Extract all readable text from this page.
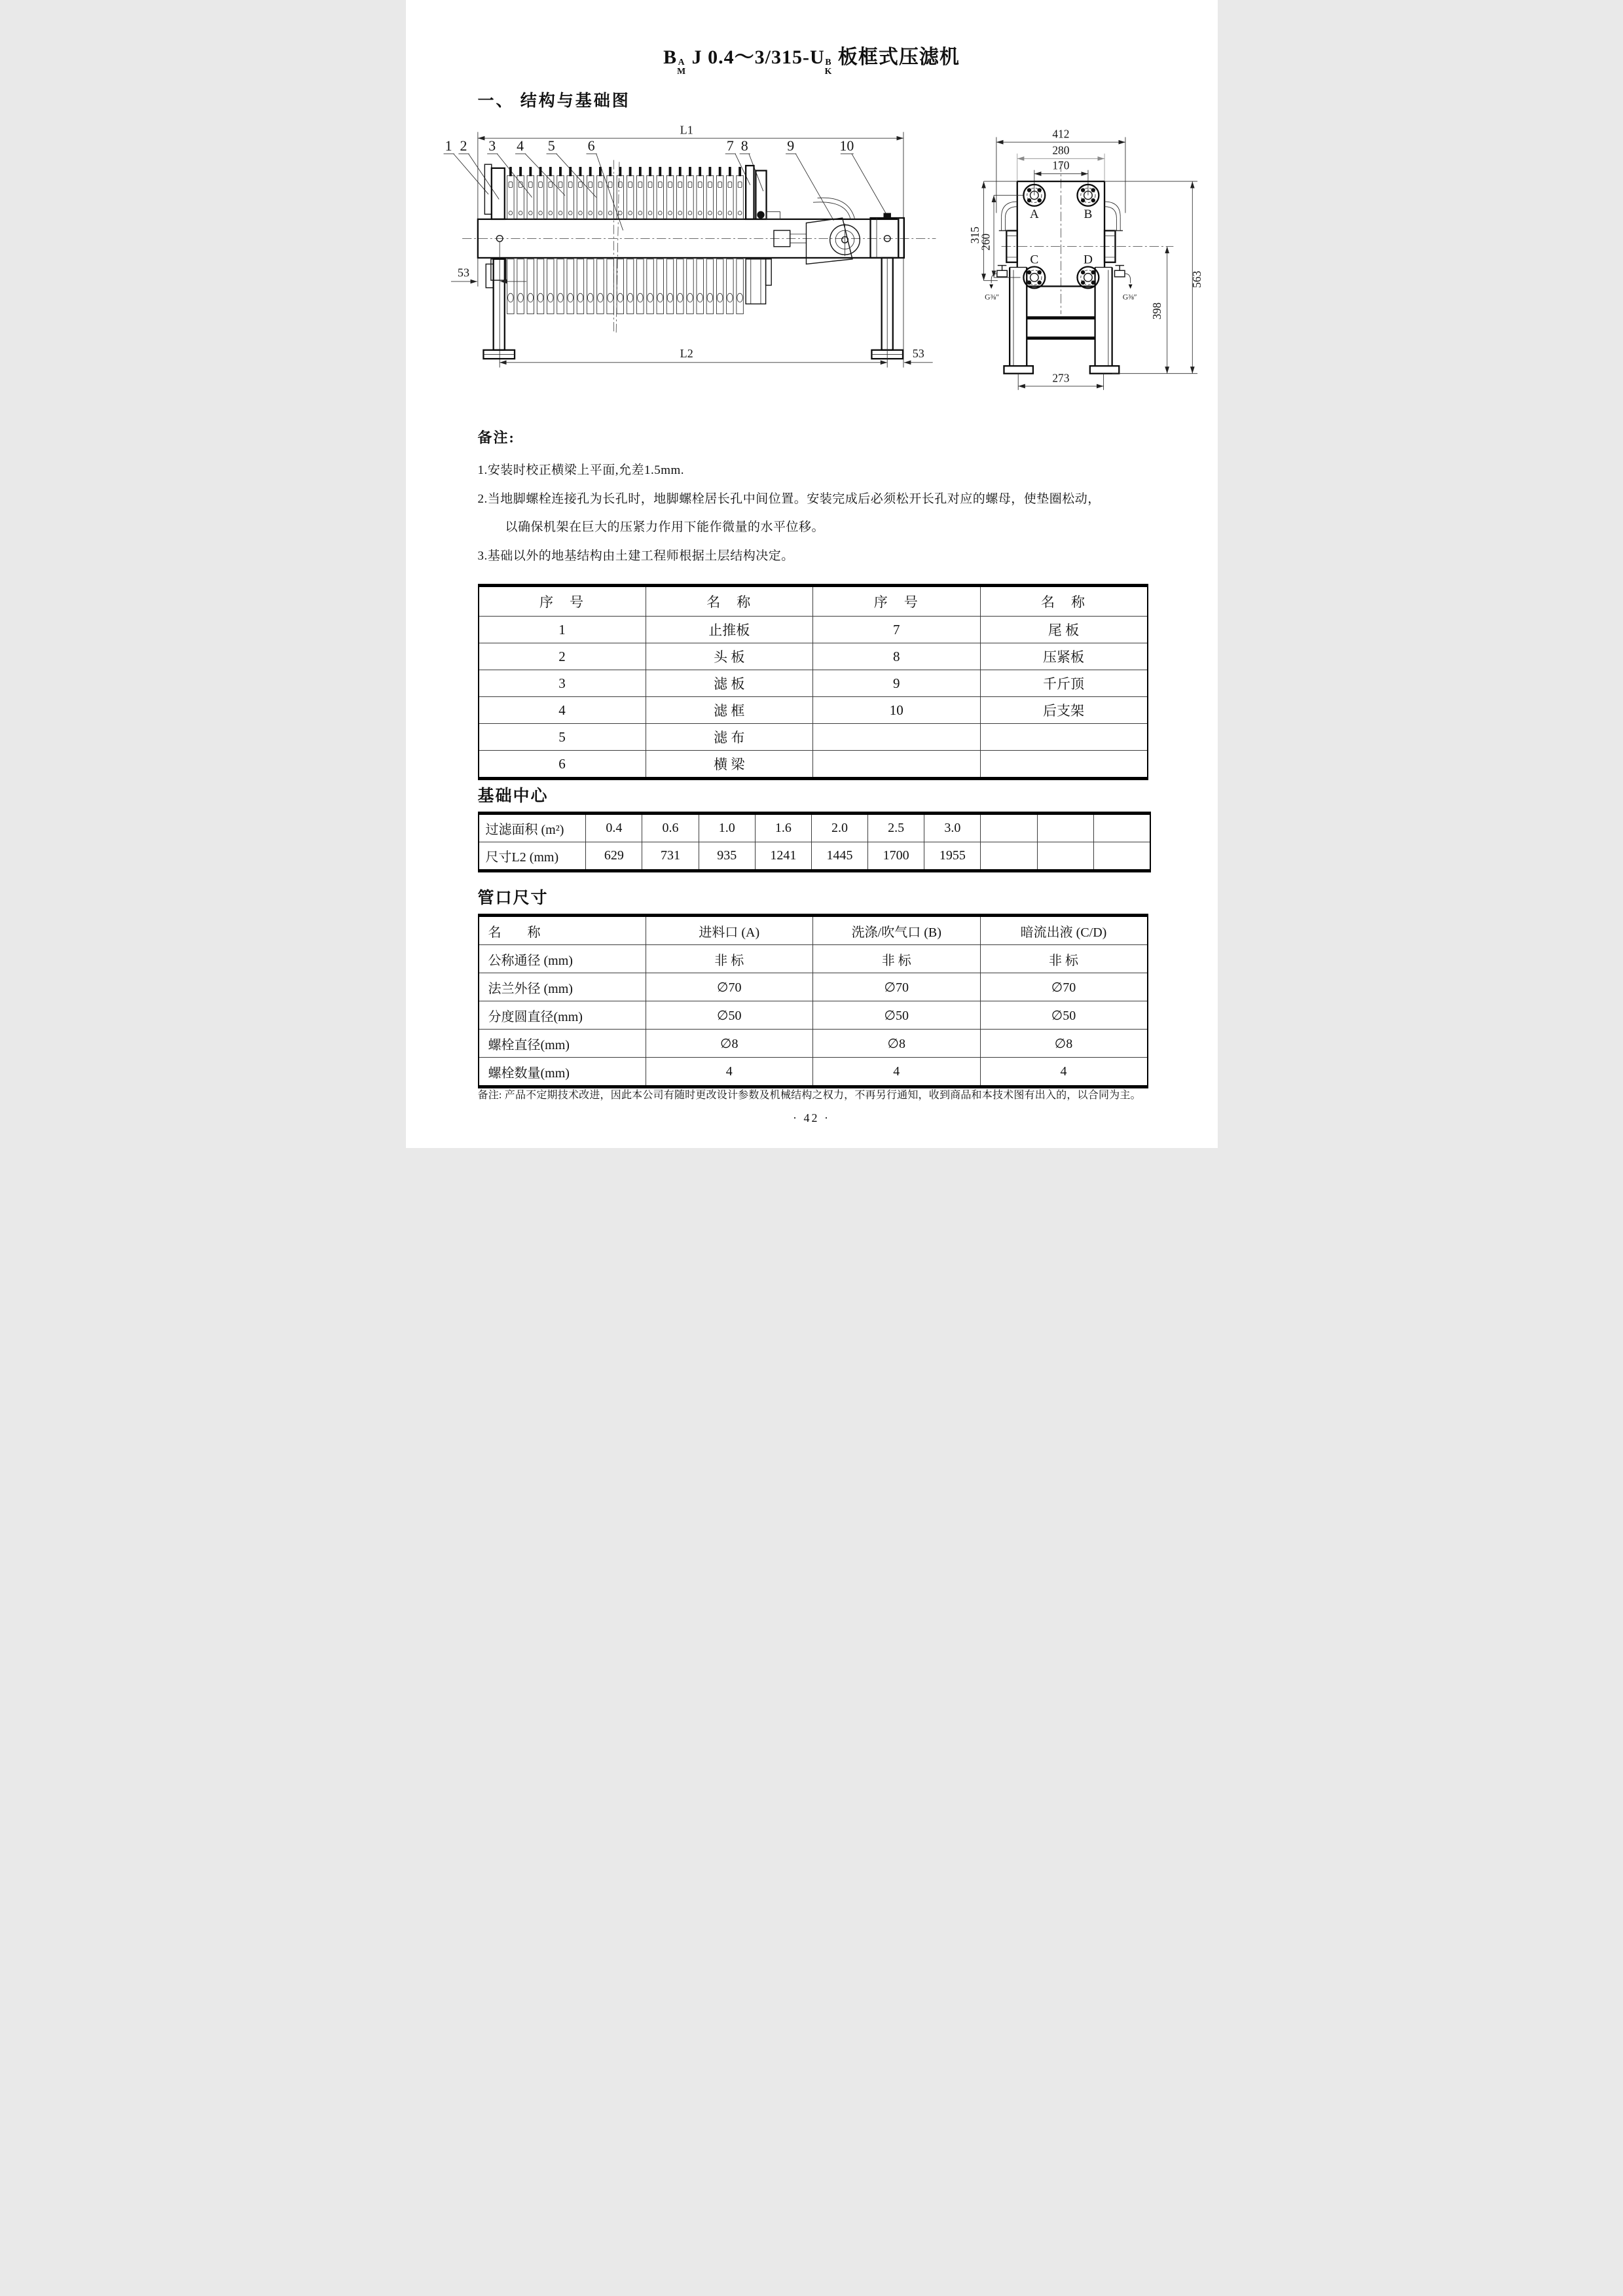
B A
M
J 0.4～3/315-U B
K
板框式压滤机
一、 结构与基础图
L1
1 2 3 4 5 6	7 8	9	10
53
L2	53
412
280
170
A	B
C	D
G⅜″	G⅜″
315
260
563
398
273
备注:
1.安装时校正横梁上平面,允差1.5mm.
2.当地脚螺栓连接孔为长孔时，地脚螺栓居长孔中间位置。安装完成后必须松开长孔对应的螺母，使垫圈松动，
以确保机架在巨大的压紧力作用下能作微量的水平位移。
3.基础以外的地基结构由土建工程师根据土层结构决定。
序　号	名　称	序　号	名　称
1	止推板	7	尾 板
2	头 板	8	压紧板
3	滤 板	9	千斤顶
4	滤 框	10	后支架
5	滤 布		
6	横 梁		
基础中心
过滤面积 (m²)	0.4	0.6	1.0	1.6	2.0	2.5	3.0			
尺寸L2 (mm)	629	731	935	1241	1445	1700	1955			
管口尺寸
名　　称	进料口 (A)	洗涤/吹气口 (B)	暗流出液 (C/D)
公称通径 (mm)	非 标	非 标	非 标
法兰外径 (mm)	∅70	∅70	∅70
分度圆直径(mm)	∅50	∅50	∅50
螺栓直径(mm)	∅8	∅8	∅8
螺栓数量(mm)	4	4	4
备注: 产品不定期技术改进，因此本公司有随时更改设计参数及机械结构之权力，不再另行通知，收到商品和本技术图有出入的，以合同为主。
· 42 ·
